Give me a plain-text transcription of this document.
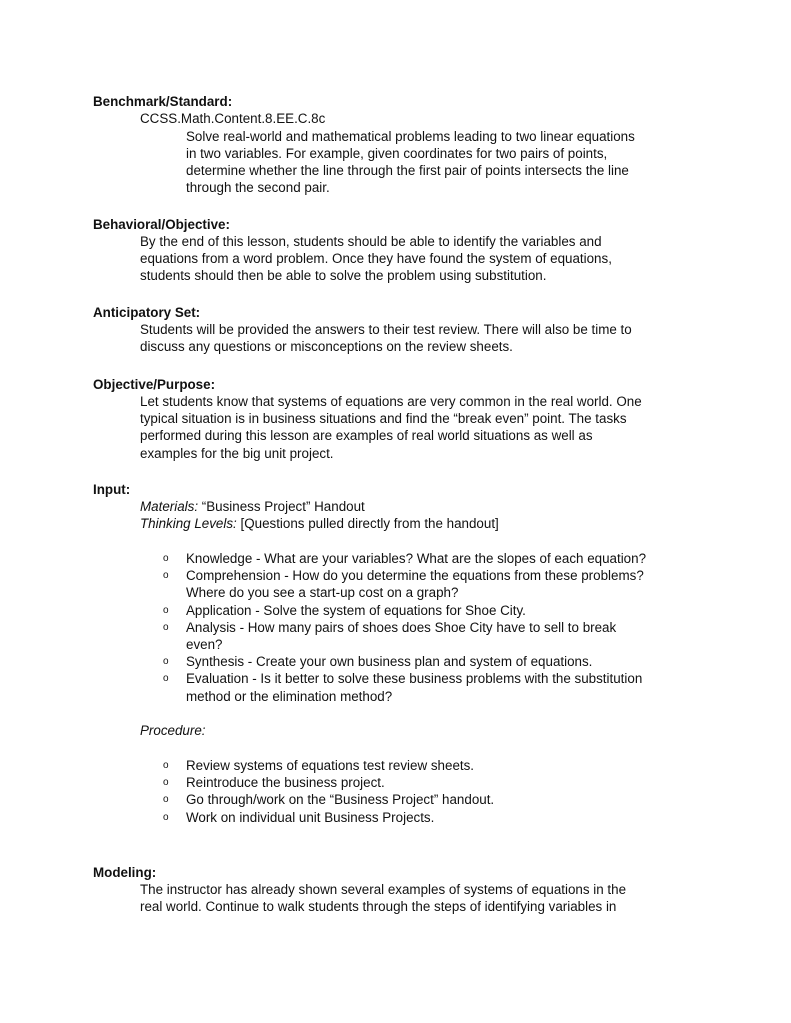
Benchmark/Standard:
CCSS.Math.Content.8.EE.C.8c
Solve real-world and mathematical problems leading to two linear equations
in two variables. For example, given coordinates for two pairs of points,
determine whether the line through the first pair of points intersects the line
through the second pair.
Behavioral/Objective:
By the end of this lesson, students should be able to identify the variables and
equations from a word problem. Once they have found the system of equations,
students should then be able to solve the problem using substitution.
Anticipatory Set:
Students will be provided the answers to their test review. There will also be time to
discuss any questions or misconceptions on the review sheets.
Objective/Purpose:
Let students know that systems of equations are very common in the real world. One
typical situation is in business situations and find the “break even” point. The tasks
performed during this lesson are examples of real world situations as well as
examples for the big unit project.
Input:
Materials: “Business Project” Handout
Thinking Levels: [Questions pulled directly from the handout]
o Knowledge - What are your variables? What are the slopes of each equation?
o Comprehension - How do you determine the equations from these problems?
Where do you see a start-up cost on a graph?
o Application - Solve the system of equations for Shoe City.
o Analysis - How many pairs of shoes does Shoe City have to sell to break
even?
o Synthesis - Create your own business plan and system of equations.
o Evaluation - Is it better to solve these business problems with the substitution
method or the elimination method?
Procedure:
o Review systems of equations test review sheets.
o Reintroduce the business project.
o Go through/work on the “Business Project” handout.
o Work on individual unit Business Projects.
Modeling:
The instructor has already shown several examples of systems of equations in the
real world. Continue to walk students through the steps of identifying variables in
